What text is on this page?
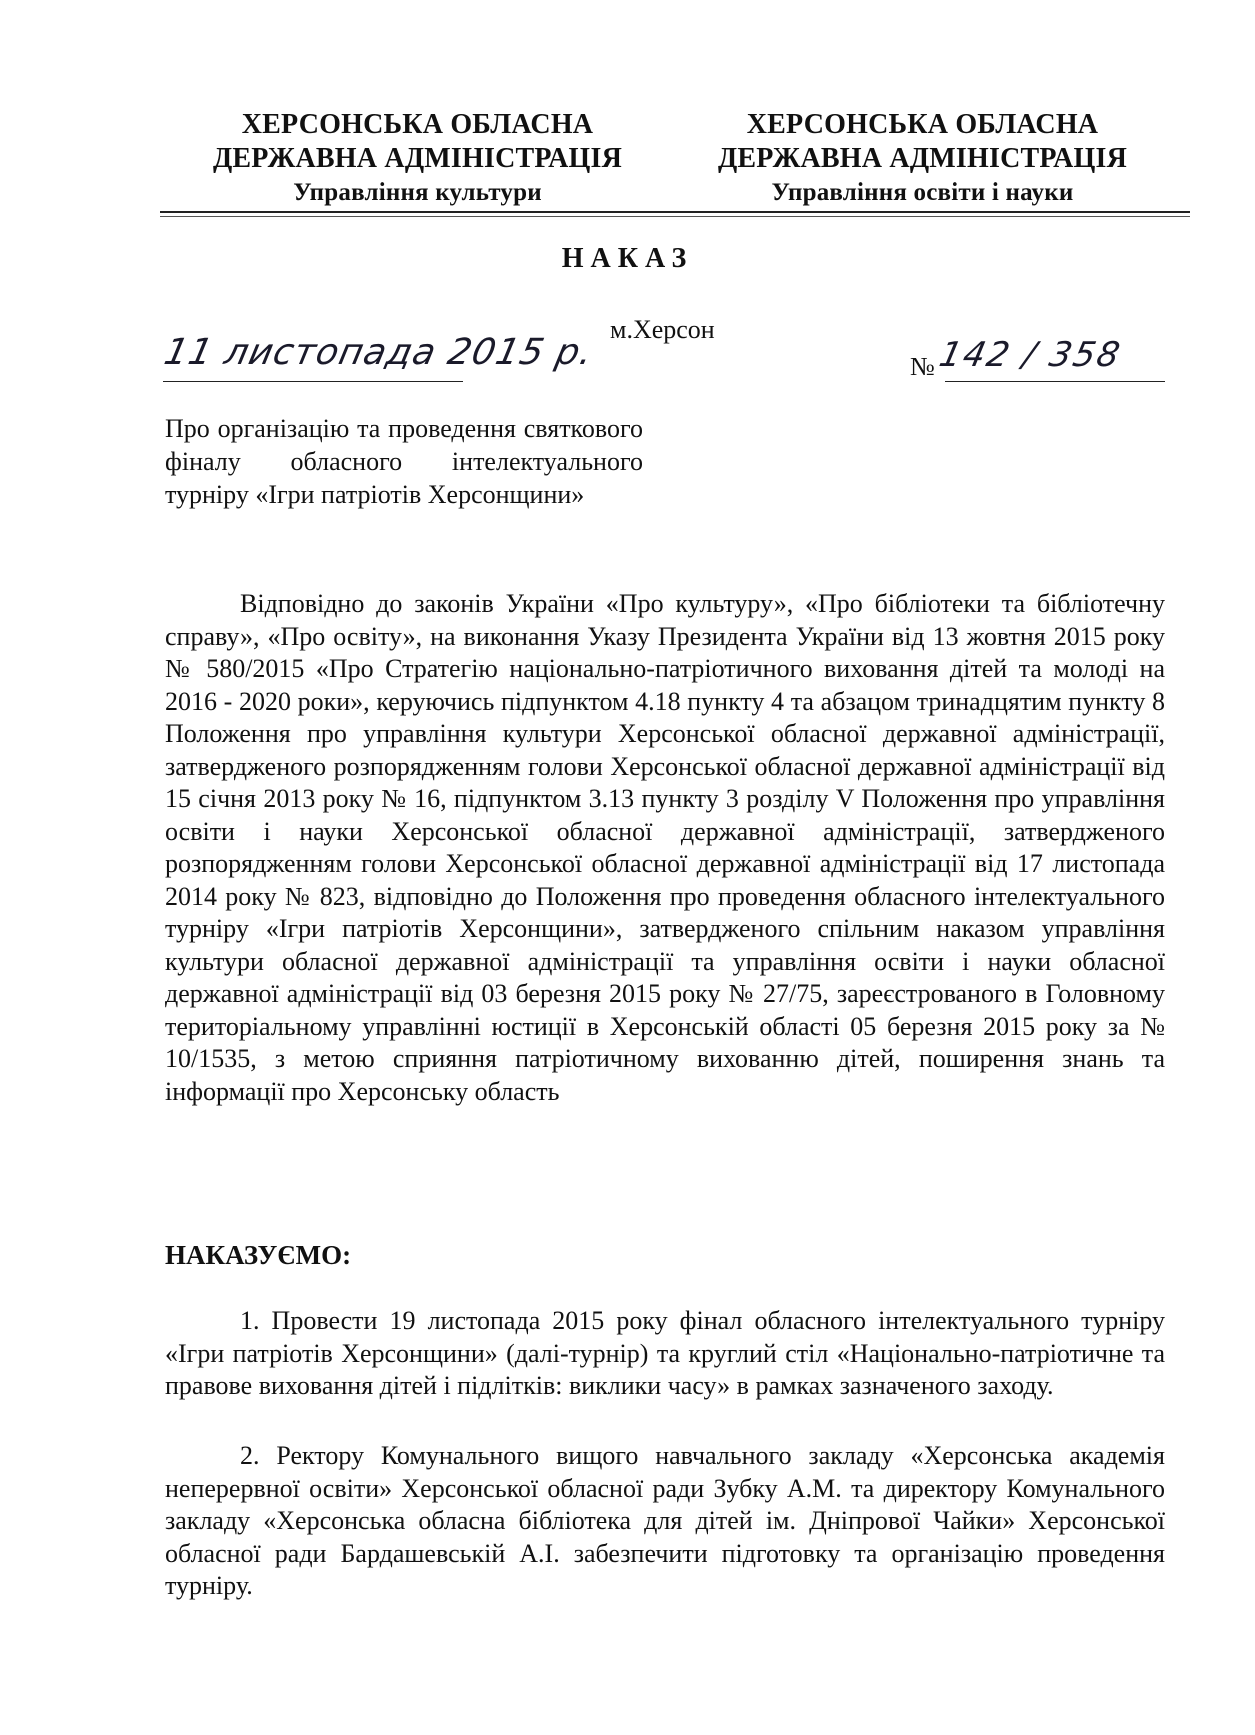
ХЕРСОНСЬКА ОБЛАСНА
ДЕРЖАВНА АДМІНІСТРАЦІЯ
Управління культури
ХЕРСОНСЬКА ОБЛАСНА
ДЕРЖАВНА АДМІНІСТРАЦІЯ
Управління освіти і науки
НАКАЗ
м.Херсон
11 листопада 2015 р.	№ 142 / 358
Про організацію та проведення святкового фіналу обласного інтелектуального турніру «Ігри патріотів Херсонщини»

Відповідно до законів України «Про культуру», «Про бібліотеки та бібліотечну справу», «Про освіту», на виконання Указу Президента України від 13 жовтня 2015 року № 580/2015 «Про Стратегію національно-патріотичного виховання дітей та молоді на 2016 - 2020 роки», керуючись підпунктом 4.18 пункту 4 та абзацом тринадцятим пункту 8 Положення про управління культури Херсонської обласної державної адміністрації, затвердженого розпорядженням голови Херсонської обласної державної адміністрації від 15 січня 2013 року № 16, підпунктом 3.13 пункту 3 розділу V Положення про управління освіти і науки Херсонської обласної державної адміністрації, затвердженого розпорядженням голови Херсонської обласної державної адміністрації від 17 листопада 2014 року № 823, відповідно до Положення про проведення обласного інтелектуального турніру «Ігри патріотів Херсонщини», затвердженого спільним наказом управління культури обласної державної адміністрації та управління освіти і науки обласної державної адміністрації від 03 березня 2015 року № 27/75, зареєстрованого в Головному територіальному управлінні юстиції в Херсонській області 05 березня 2015 року за № 10/1535, з метою сприяння патріотичному вихованню дітей, поширення знань та інформації про Херсонську область

НАКАЗУЄМО:

1. Провести 19 листопада 2015 року фінал обласного інтелектуального турніру «Ігри патріотів Херсонщини» (далі-турнір) та круглий стіл «Національно-патріотичне та правове виховання дітей і підлітків: виклики часу» в рамках зазначеного заходу.

2. Ректору Комунального вищого навчального закладу «Херсонська академія неперервної освіти» Херсонської обласної ради Зубку А.М. та директору Комунального закладу «Херсонська обласна бібліотека для дітей ім. Дніпрової Чайки» Херсонської обласної ради Бардашевській А.І. забезпечити підготовку та організацію проведення турніру.
